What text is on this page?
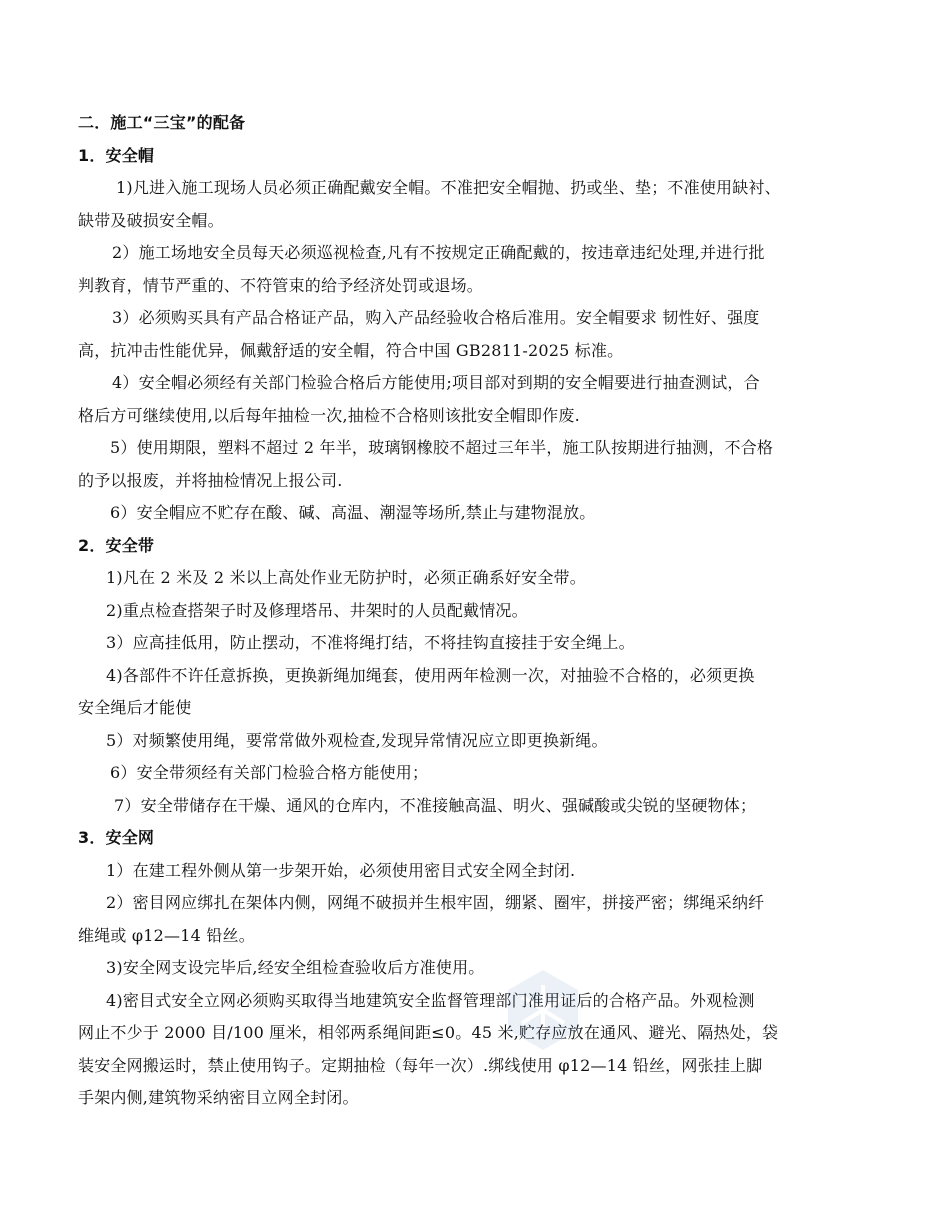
二．施工“三宝”的配备
1．安全帽
1)凡进入施工现场人员必须正确配戴安全帽。不准把安全帽抛、扔或坐、垫；不准使用缺衬、
缺带及破损安全帽。
2）施工场地安全员每天必须巡视检查,凡有不按规定正确配戴的，按违章违纪处理,并进行批
判教育，情节严重的、不符管束的给予经济处罚或退场。
3）必须购买具有产品合格证产品，购入产品经验收合格后准用。安全帽要求 韧性好、强度
高，抗冲击性能优异，佩戴舒适的安全帽，符合中国 GB2811-2025 标准。
4）安全帽必须经有关部门检验合格后方能使用;项目部对到期的安全帽要进行抽查测试，合
格后方可继续使用,以后每年抽检一次,抽检不合格则该批安全帽即作废.
5）使用期限，塑料不超过 2 年半，玻璃钢橡胶不超过三年半，施工队按期进行抽测，不合格
的予以报废，并将抽检情况上报公司.
6）安全帽应不贮存在酸、碱、高温、潮湿等场所,禁止与建物混放。
2．安全带
1)凡在 2 米及 2 米以上高处作业无防护时，必须正确系好安全带。
2)重点检查搭架子时及修理塔吊、井架时的人员配戴情况。
3）应高挂低用，防止摆动，不准将绳打结，不将挂钩直接挂于安全绳上。
4)各部件不许任意拆换，更换新绳加绳套，使用两年检测一次，对抽验不合格的，必须更换
安全绳后才能使
5）对频繁使用绳，要常常做外观检查,发现异常情况应立即更换新绳。
6）安全带须经有关部门检验合格方能使用；
7）安全带储存在干燥、通风的仓库内，不准接触高温、明火、强碱酸或尖锐的坚硬物体；
3．安全网
1）在建工程外侧从第一步架开始，必须使用密目式安全网全封闭.
2）密目网应绑扎在架体内侧，网绳不破损并生根牢固，绷紧、圈牢，拼接严密；绑绳采纳纤
维绳或 φ12—14 铅丝。
3)安全网支设完毕后,经安全组检查验收后方准使用。
4)密目式安全立网必须购买取得当地建筑安全监督管理部门准用证后的合格产品。外观检测
网止不少于 2000 目/100 厘米，相邻两系绳间距≤0。45 米,贮存应放在通风、避光、隔热处，袋
装安全网搬运时，禁止使用钩子。定期抽检（每年一次）.绑线使用 φ12—14 铅丝，网张挂上脚
手架内侧,建筑物采纳密目立网全封闭。
